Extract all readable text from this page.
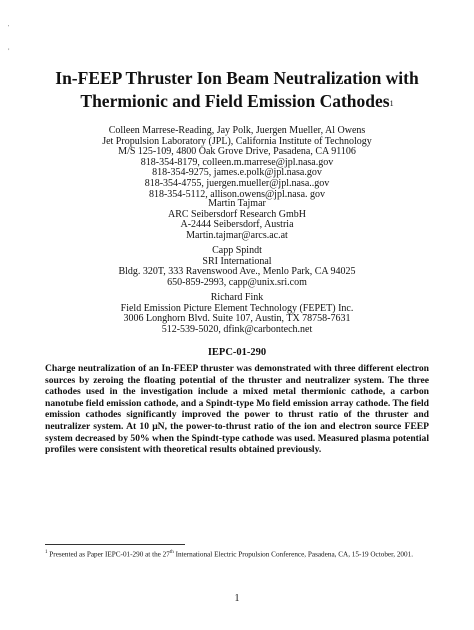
'
,
In-FEEP Thruster Ion Beam Neutralization with
Thermionic and Field Emission Cathodes$^1$
Colleen Marrese-Reading, Jay Polk, Juergen Mueller, Al Owens
Jet Propulsion Laboratory (JPL), California Institute of Technology
M/S 125-109, 4800 Oak Grove Drive, Pasadena, CA 91106
818-354-8179, colleen.m.marrese@jpl.nasa.gov
818-354-9275, james.e.polk@jpl.nasa.gov
818-354-4755, juergen.mueller@jpl.nasa..gov
818-354-5112, allison.owens@jpl.nasa. gov
Martin Tajmar
ARC Seibersdorf Research GmbH
A-2444 Seibersdorf, Austria
Martin.tajmar@arcs.ac.at
Capp Spindt
SRI International
Bldg. 320T, 333 Ravenswood Ave., Menlo Park, CA 94025
650-859-2993, capp@unix.sri.com
Richard Fink
Field Emission Picture Element Technology (FEPET) Inc.
3006 Longhorn Blvd. Suite 107, Austin, TX 78758-7631
512-539-5020, dfink@carbontech.net
IEPC-01-290
Charge neutralization of an In-FEEP thruster was demonstrated with three different electron sources by zeroing the floating potential of the thruster and neutralizer system. The three cathodes used in the investigation include a mixed metal thermionic cathode, a carbon nanotube field emission cathode, and a Spindt-type Mo field emission array cathode. The field emission cathodes significantly improved the power to thrust ratio of the thruster and neutralizer system. At 10 μN, the power-to-thrust ratio of the ion and electron source FEEP system decreased by 50% when the Spindt-type cathode was used. Measured plasma potential profiles were consistent with theoretical results obtained previously.
$^1$ Presented as Paper IEPC-01-290 at the 27th International Electric Propulsion Conference, Pasadena, CA, 15-19 October, 2001.
1
